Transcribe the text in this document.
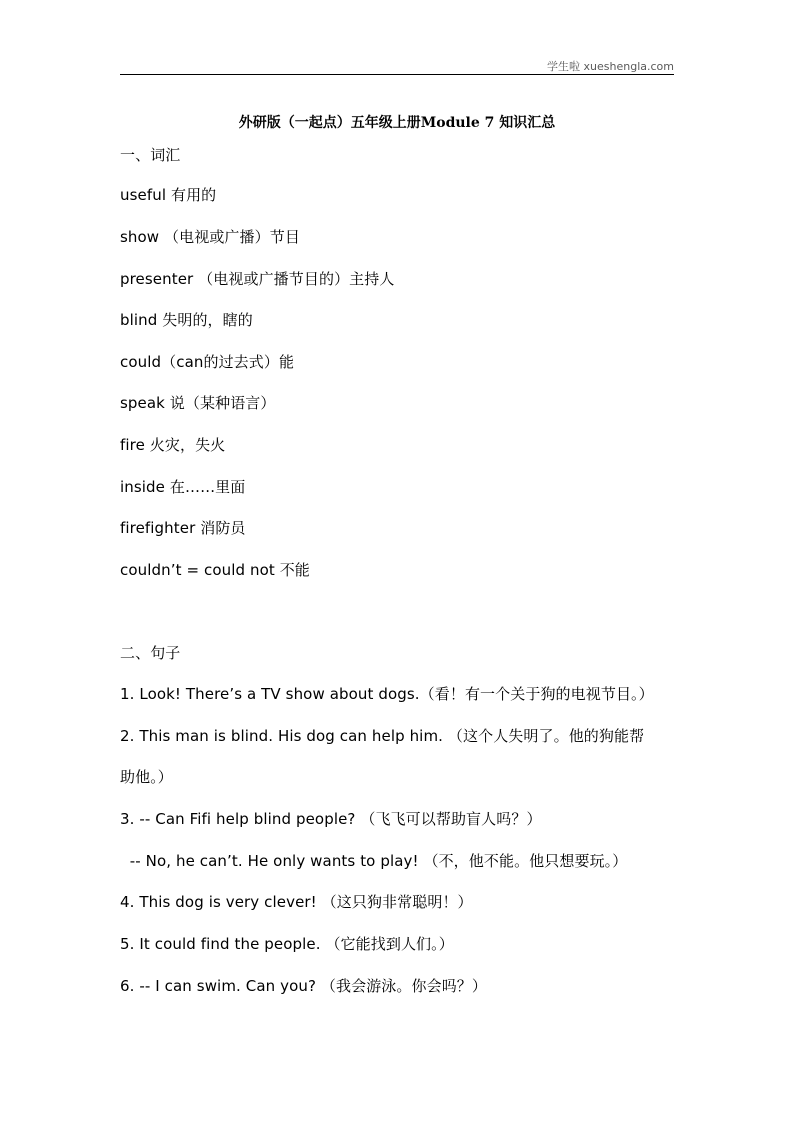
学生啦 xueshengla.com
外研版（一起点）五年级上册Module 7 知识汇总
一、词汇
useful 有用的
show （电视或广播）节目
presenter （电视或广播节目的）主持人
blind 失明的，瞎的
could（can的过去式）能
speak 说（某种语言）
fire 火灾，失火
inside 在……里面
firefighter 消防员
couldn’t = could not 不能
二、句子
1. Look! There’s a TV show about dogs.（看！有一个关于狗的电视节目。）
2. This man is blind. His dog can help him. （这个人失明了。他的狗能帮
助他。）
3. -- Can Fifi help blind people? （飞飞可以帮助盲人吗？）
-- No, he can’t. He only wants to play! （不，他不能。他只想要玩。）
4. This dog is very clever! （这只狗非常聪明！）
5. It could find the people. （它能找到人们。）
6. -- I can swim. Can you? （我会游泳。你会吗？）
